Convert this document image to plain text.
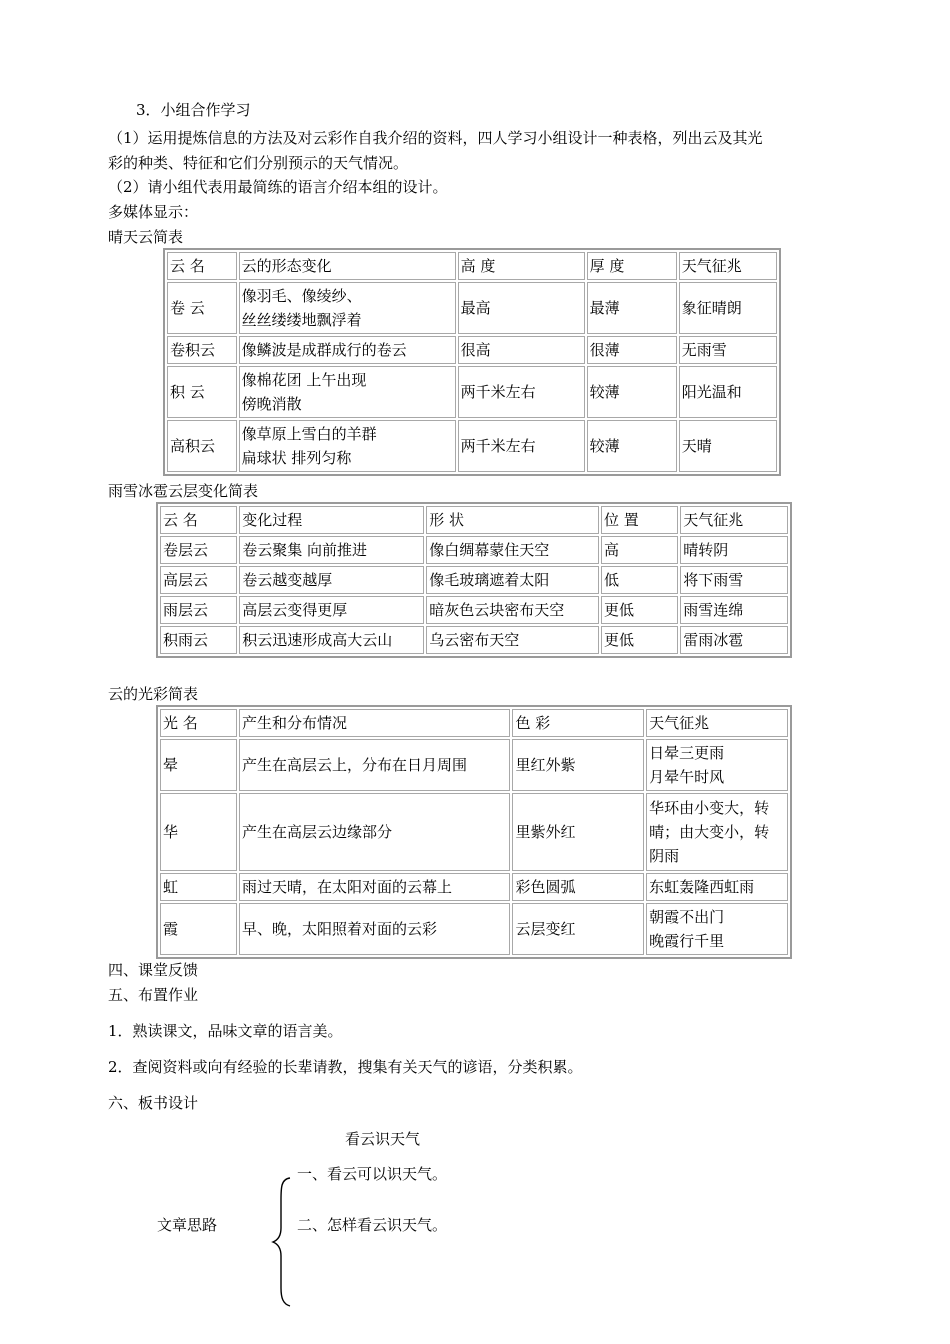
3．小组合作学习
（1）运用提炼信息的方法及对云彩作自我介绍的资料，四人学习小组设计一种表格，列出云及其光
彩的种类、特征和它们分别预示的天气情况。
（2）请小组代表用最简练的语言介绍本组的设计。
多媒体显示：
晴天云简表
云 名	云的形态变化	高 度	厚 度	天气征兆

卷 云	像羽毛、像绫纱、
丝丝缕缕地飘浮着	最高	最薄	象征晴朗

卷积云	像鳞波是成群成行的卷云	很高	很薄	无雨雪

积 云	像棉花团 上午出现
傍晚消散	两千米左右	较薄	阳光温和

高积云	像草原上雪白的羊群
扁球状 排列匀称	两千米左右	较薄	天晴
雨雪冰雹云层变化简表
云 名	变化过程	形 状	位 置	天气征兆

卷层云	卷云聚集 向前推进	像白绸幕蒙住天空	高	晴转阴

高层云	卷云越变越厚	像毛玻璃遮着太阳	低	将下雨雪

雨层云	高层云变得更厚	暗灰色云块密布天空	更低	雨雪连绵

积雨云	积云迅速形成高大云山	乌云密布天空	更低	雷雨冰雹
云的光彩简表
光 名	产生和分布情况	色 彩	天气征兆

晕	产生在高层云上，分布在日月周围	里红外紫	日晕三更雨
月晕午时风

华	产生在高层云边缘部分	里紫外红	华环由小变大，转
晴；由大变小，转
阴雨

虹	雨过天晴，在太阳对面的云幕上	彩色圆弧	东虹轰隆西虹雨

霞	早、晚，太阳照着对面的云彩	云层变红	朝霞不出门
晚霞行千里
四、课堂反馈
五、布置作业
1．熟读课文，品味文章的语言美。
2．查阅资料或向有经验的长辈请教，搜集有关天气的谚语，分类积累。
六、板书设计
看云识天气
一、看云可以识天气。
文章思路	二、怎样看云识天气。
